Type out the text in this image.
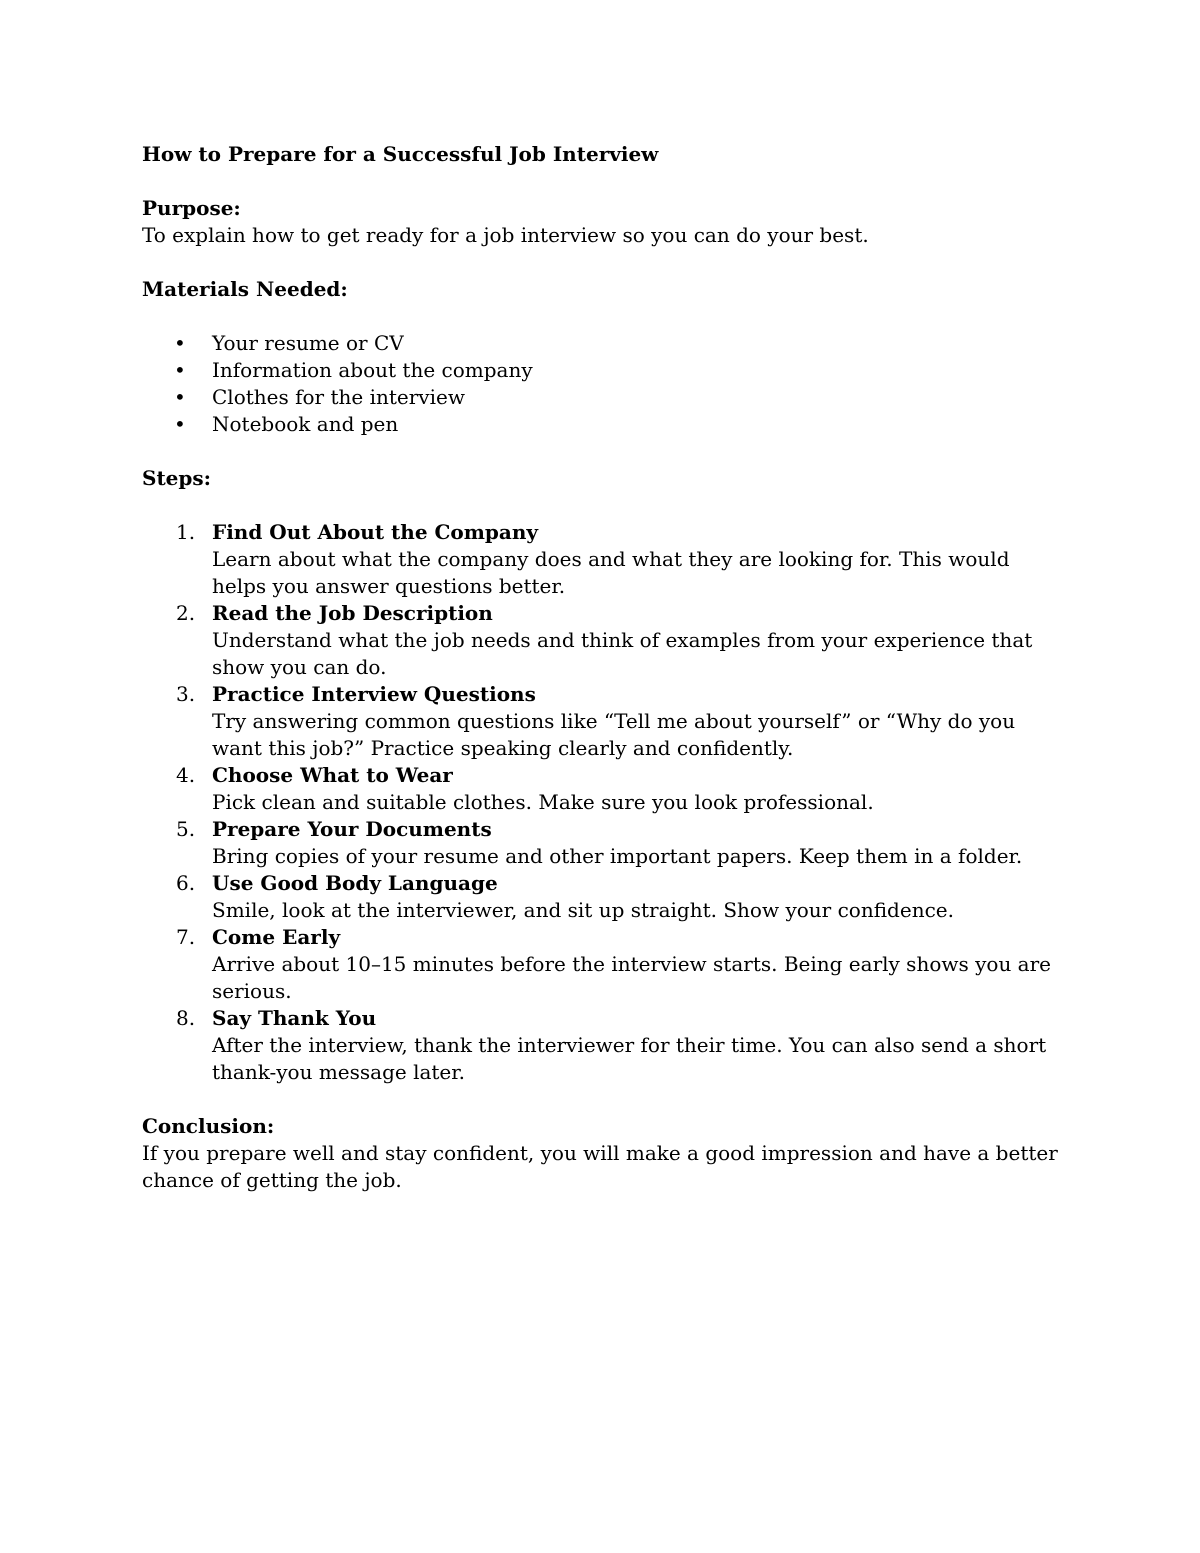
How to Prepare for a Successful Job Interview

Purpose:

To explain how to get ready for a job interview so you can do your best.

Materials Needed:

• Your resume or CV
• Information about the company
• Clothes for the interview
• Notebook and pen

Steps:

1. Find Out About the Company
Learn about what the company does and what they are looking for. This would helps you answer questions better.
2. Read the Job Description
Understand what the job needs and think of examples from your experience that show you can do.
3. Practice Interview Questions
Try answering common questions like “Tell me about yourself” or “Why do you want this job?” Practice speaking clearly and confidently.
4. Choose What to Wear
Pick clean and suitable clothes. Make sure you look professional.
5. Prepare Your Documents
Bring copies of your resume and other important papers. Keep them in a folder.
6. Use Good Body Language
Smile, look at the interviewer, and sit up straight. Show your confidence.
7. Come Early
Arrive about 10–15 minutes before the interview starts. Being early shows you are serious.
8. Say Thank You
After the interview, thank the interviewer for their time. You can also send a short thank-you message later.

Conclusion:

If you prepare well and stay confident, you will make a good impression and have a better chance of getting the job.
